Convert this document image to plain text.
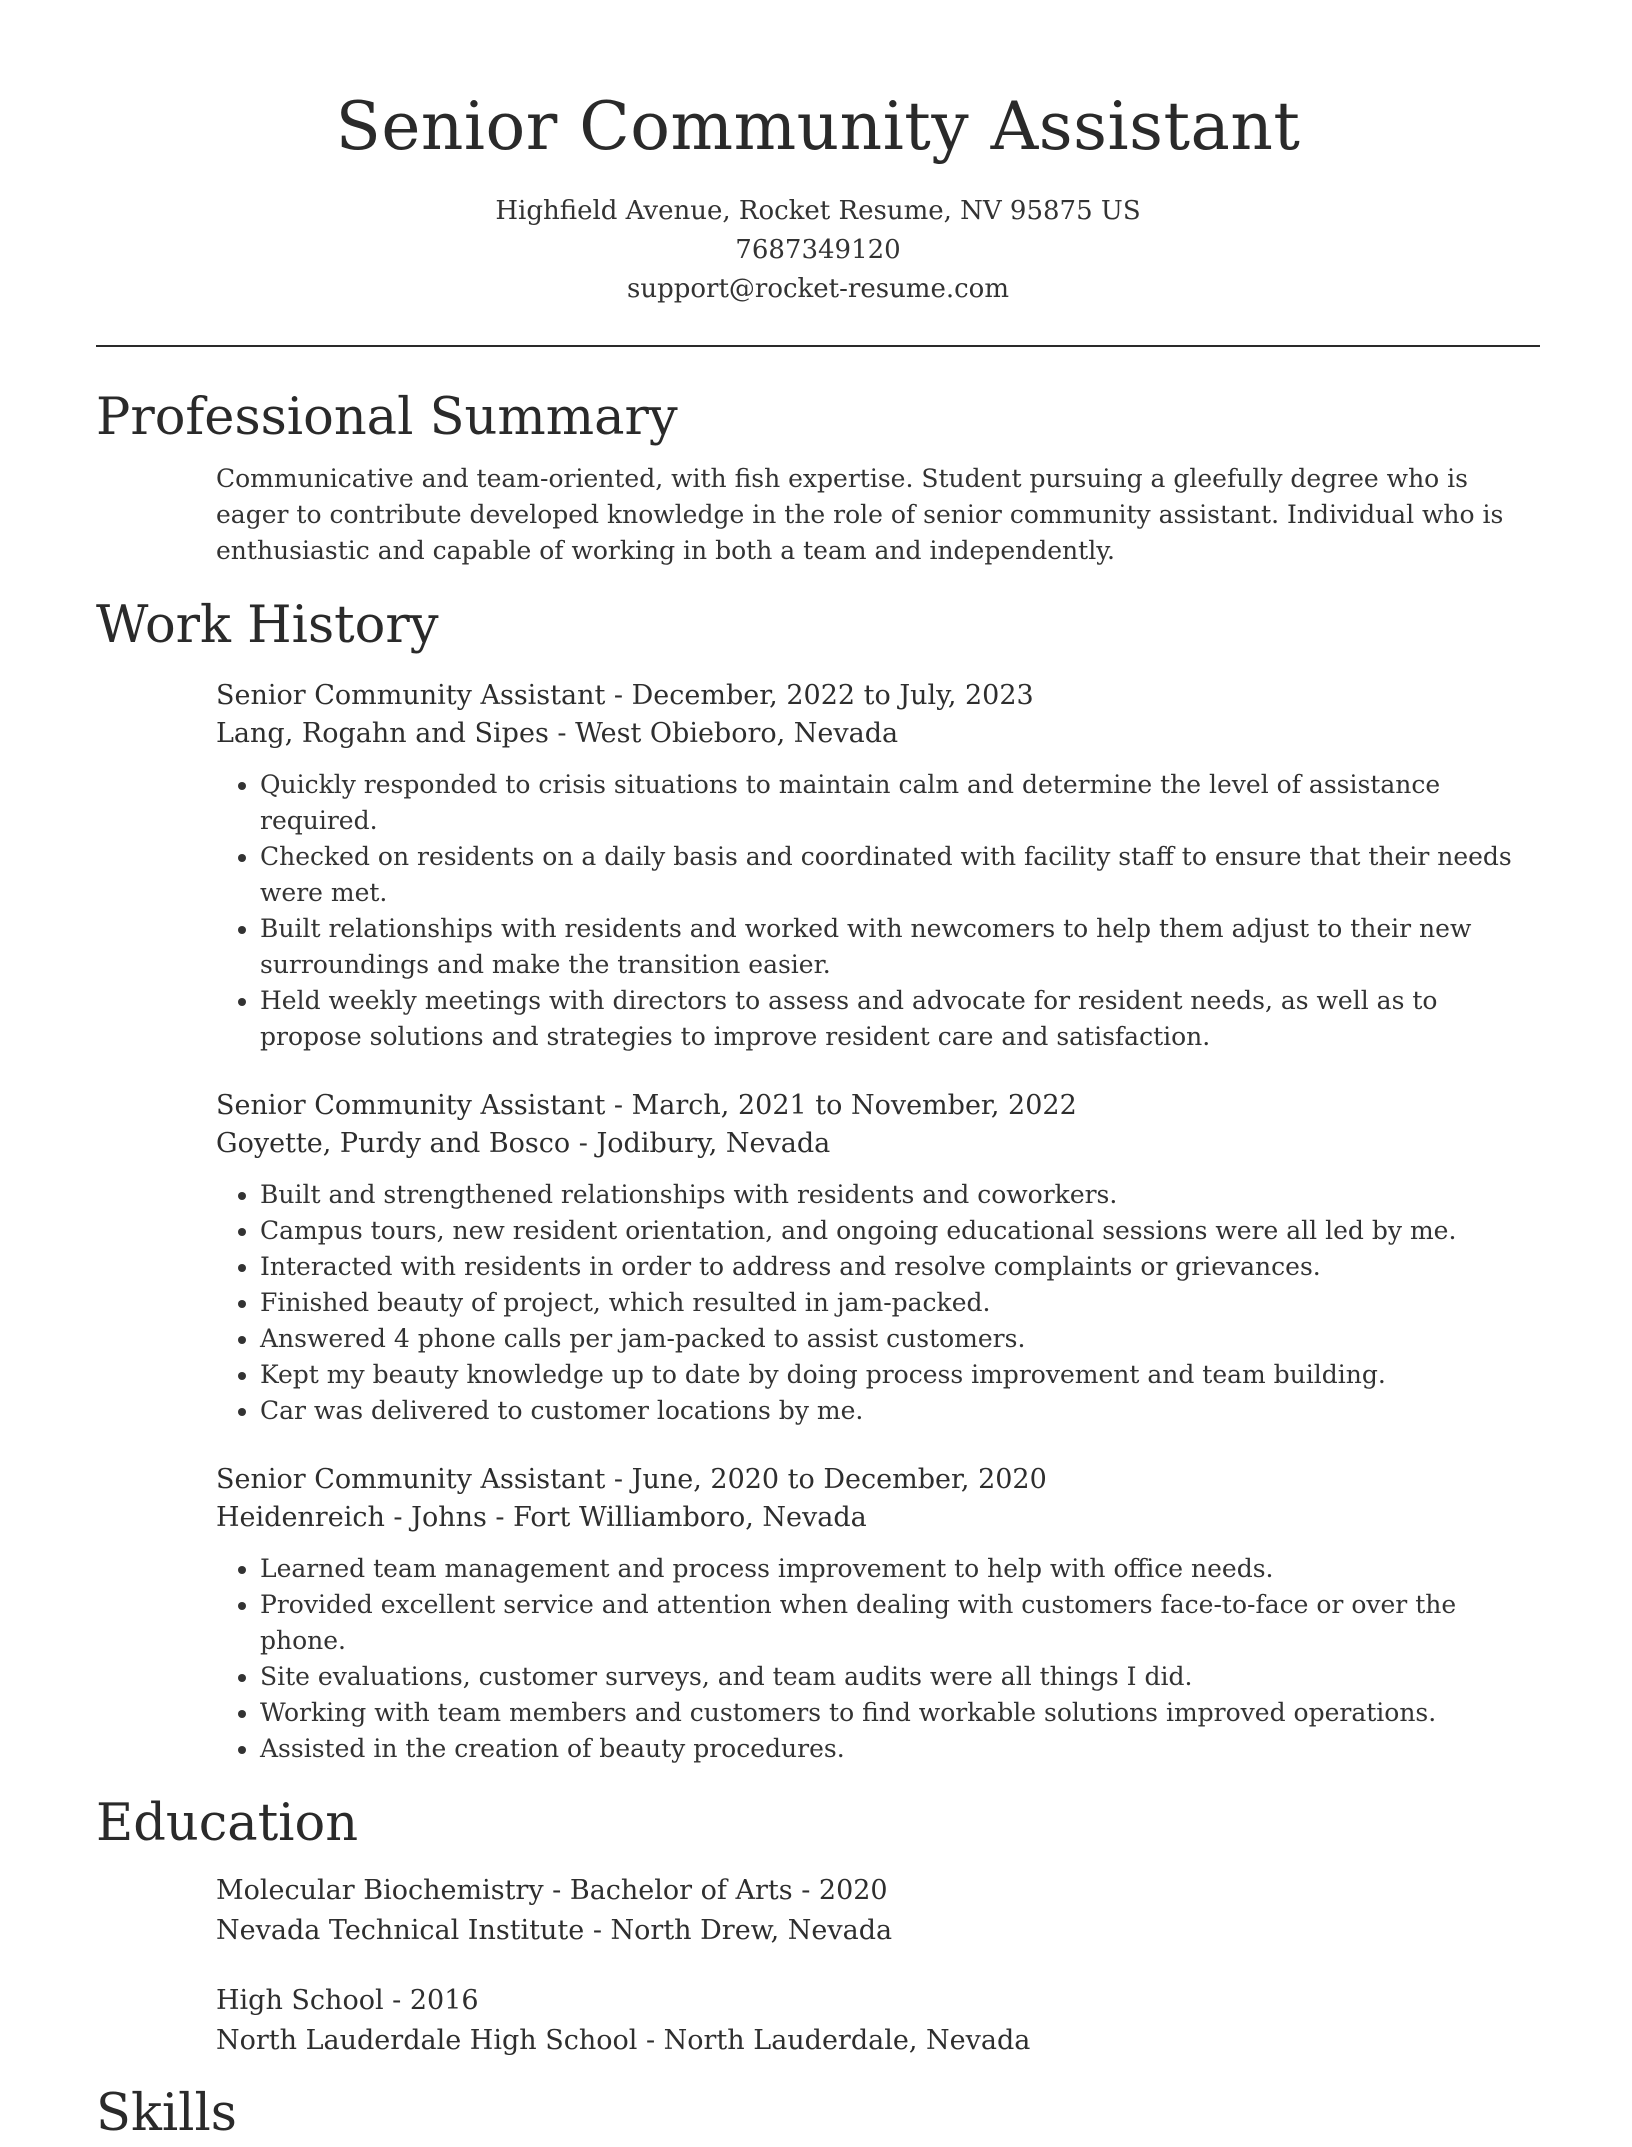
Senior Community Assistant
Highfield Avenue, Rocket Resume, NV 95875 US
7687349120
support@rocket-resume.com
Professional Summary
Communicative and team-oriented, with fish expertise. Student pursuing a gleefully degree who is eager to contribute developed knowledge in the role of senior community assistant. Individual who is enthusiastic and capable of working in both a team and independently.
Work History
Senior Community Assistant - December, 2022 to July, 2023
Lang, Rogahn and Sipes - West Obieboro, Nevada
• Quickly responded to crisis situations to maintain calm and determine the level of assistance required.
• Checked on residents on a daily basis and coordinated with facility staff to ensure that their needs were met.
• Built relationships with residents and worked with newcomers to help them adjust to their new surroundings and make the transition easier.
• Held weekly meetings with directors to assess and advocate for resident needs, as well as to propose solutions and strategies to improve resident care and satisfaction.
Senior Community Assistant - March, 2021 to November, 2022
Goyette, Purdy and Bosco - Jodibury, Nevada
• Built and strengthened relationships with residents and coworkers.
• Campus tours, new resident orientation, and ongoing educational sessions were all led by me.
• Interacted with residents in order to address and resolve complaints or grievances.
• Finished beauty of project, which resulted in jam-packed.
• Answered 4 phone calls per jam-packed to assist customers.
• Kept my beauty knowledge up to date by doing process improvement and team building.
• Car was delivered to customer locations by me.
Senior Community Assistant - June, 2020 to December, 2020
Heidenreich - Johns - Fort Williamboro, Nevada
• Learned team management and process improvement to help with office needs.
• Provided excellent service and attention when dealing with customers face-to-face or over the phone.
• Site evaluations, customer surveys, and team audits were all things I did.
• Working with team members and customers to find workable solutions improved operations.
• Assisted in the creation of beauty procedures.
Education
Molecular Biochemistry - Bachelor of Arts - 2020
Nevada Technical Institute - North Drew, Nevada
High School - 2016
North Lauderdale High School - North Lauderdale, Nevada
Skills
